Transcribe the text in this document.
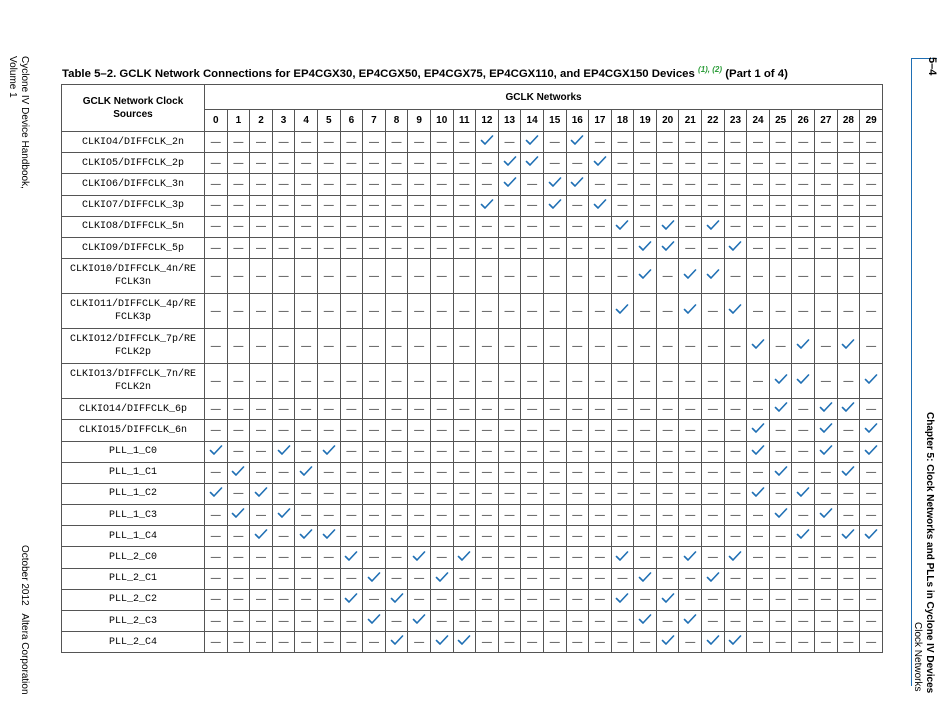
Cyclone IV Device Handbook,
Volume 1
October 2012   Altera Corporation
5–4
Chapter 5: Clock Networks and PLLs in Cyclone IV Devices
Clock Networks
Table 5–2. GCLK Network Connections for EP4CGX30, EP4CGX50, EP4CGX75, EP4CGX110, and EP4CGX150 Devices $^{(1), (2)}$ (Part 1 of 4)
GCLK Network Clock Sources	GCLK Networks																													
	0	1	2	3	4	5	6	7	8	9	10	11	12	13	14	15	16	17	18	19	20	21	22	23	24	25	26	27	28	29
CLKIO4/DIFFCLK_2n	—	—	—	—	—	—	—	—	—	—	—	—		—		—		—	—	—	—	—	—	—	—	—	—	—	—	—
CLKIO5/DIFFCLK_2p	—	—	—	—	—	—	—	—	—	—	—	—	—			—	—		—	—	—	—	—	—	—	—	—	—	—	—
CLKIO6/DIFFCLK_3n	—	—	—	—	—	—	—	—	—	—	—	—	—		—			—	—	—	—	—	—	—	—	—	—	—	—	—
CLKIO7/DIFFCLK_3p	—	—	—	—	—	—	—	—	—	—	—	—		—	—		—		—	—	—	—	—	—	—	—	—	—	—	—
CLKIO8/DIFFCLK_5n	—	—	—	—	—	—	—	—	—	—	—	—	—	—	—	—	—	—		—		—		—	—	—	—	—	—	—
CLKIO9/DIFFCLK_5p	—	—	—	—	—	—	—	—	—	—	—	—	—	—	—	—	—	—	—			—	—		—	—	—	—	—	—
CLKIO10/DIFFCLK_4n/RE
FCLK3n	—	—	—	—	—	—	—	—	—	—	—	—	—	—	—	—	—	—	—		—			—	—	—	—	—	—	—
CLKIO11/DIFFCLK_4p/RE
FCLK3p	—	—	—	—	—	—	—	—	—	—	—	—	—	—	—	—	—	—		—	—		—		—	—	—	—	—	—
CLKIO12/DIFFCLK_7p/RE
FCLK2p	—	—	—	—	—	—	—	—	—	—	—	—	—	—	—	—	—	—	—	—	—	—	—	—		—		—		—
CLKIO13/DIFFCLK_7n/RE
FCLK2n	—	—	—	—	—	—	—	—	—	—	—	—	—	—	—	—	—	—	—	—	—	—	—	—	—			—	—	

CLKIO14/DIFFCLK_6p	—	—	—	—	—	—	—	—	—	—	—	—	—	—	—	—	—	—	—	—	—	—	—	—	—		—			—
CLKIO15/DIFFCLK_6n	—	—	—	—	—	—	—	—	—	—	—	—	—	—	—	—	—	—	—	—	—	—	—	—		—	—		—	

PLL_1_C0		—	—		—		—	—	—	—	—	—	—	—	—	—	—	—	—	—	—	—	—	—		—	—		—	

PLL_1_C1	—		—	—		—	—	—	—	—	—	—	—	—	—	—	—	—	—	—	—	—	—	—	—		—	—		—
PLL_1_C2		—		—	—	—	—	—	—	—	—	—	—	—	—	—	—	—	—	—	—	—	—	—		—		—	—	—
PLL_1_C3	—		—		—	—	—	—	—	—	—	—	—	—	—	—	—	—	—	—	—	—	—	—	—		—		—	—
PLL_1_C4	—	—		—			—	—	—	—	—	—	—	—	—	—	—	—	—	—	—	—	—	—	—	—		—	

PLL_2_C0	—	—	—	—	—	—		—	—		—		—	—	—	—	—	—		—	—		—		—	—	—	—	—	—
PLL_2_C1	—	—	—	—	—	—	—		—	—		—	—	—	—	—	—	—	—		—	—		—	—	—	—	—	—	—
PLL_2_C2	—	—	—	—	—	—		—		—	—	—	—	—	—	—	—	—		—		—	—	—	—	—	—	—	—	—
PLL_2_C3	—	—	—	—	—	—	—		—		—	—	—	—	—	—	—	—	—		—		—	—	—	—	—	—	—	—
PLL_2_C4	—	—	—	—	—	—	—	—		—			—	—	—	—	—	—	—	—		—			—	—	—	—	—	—
